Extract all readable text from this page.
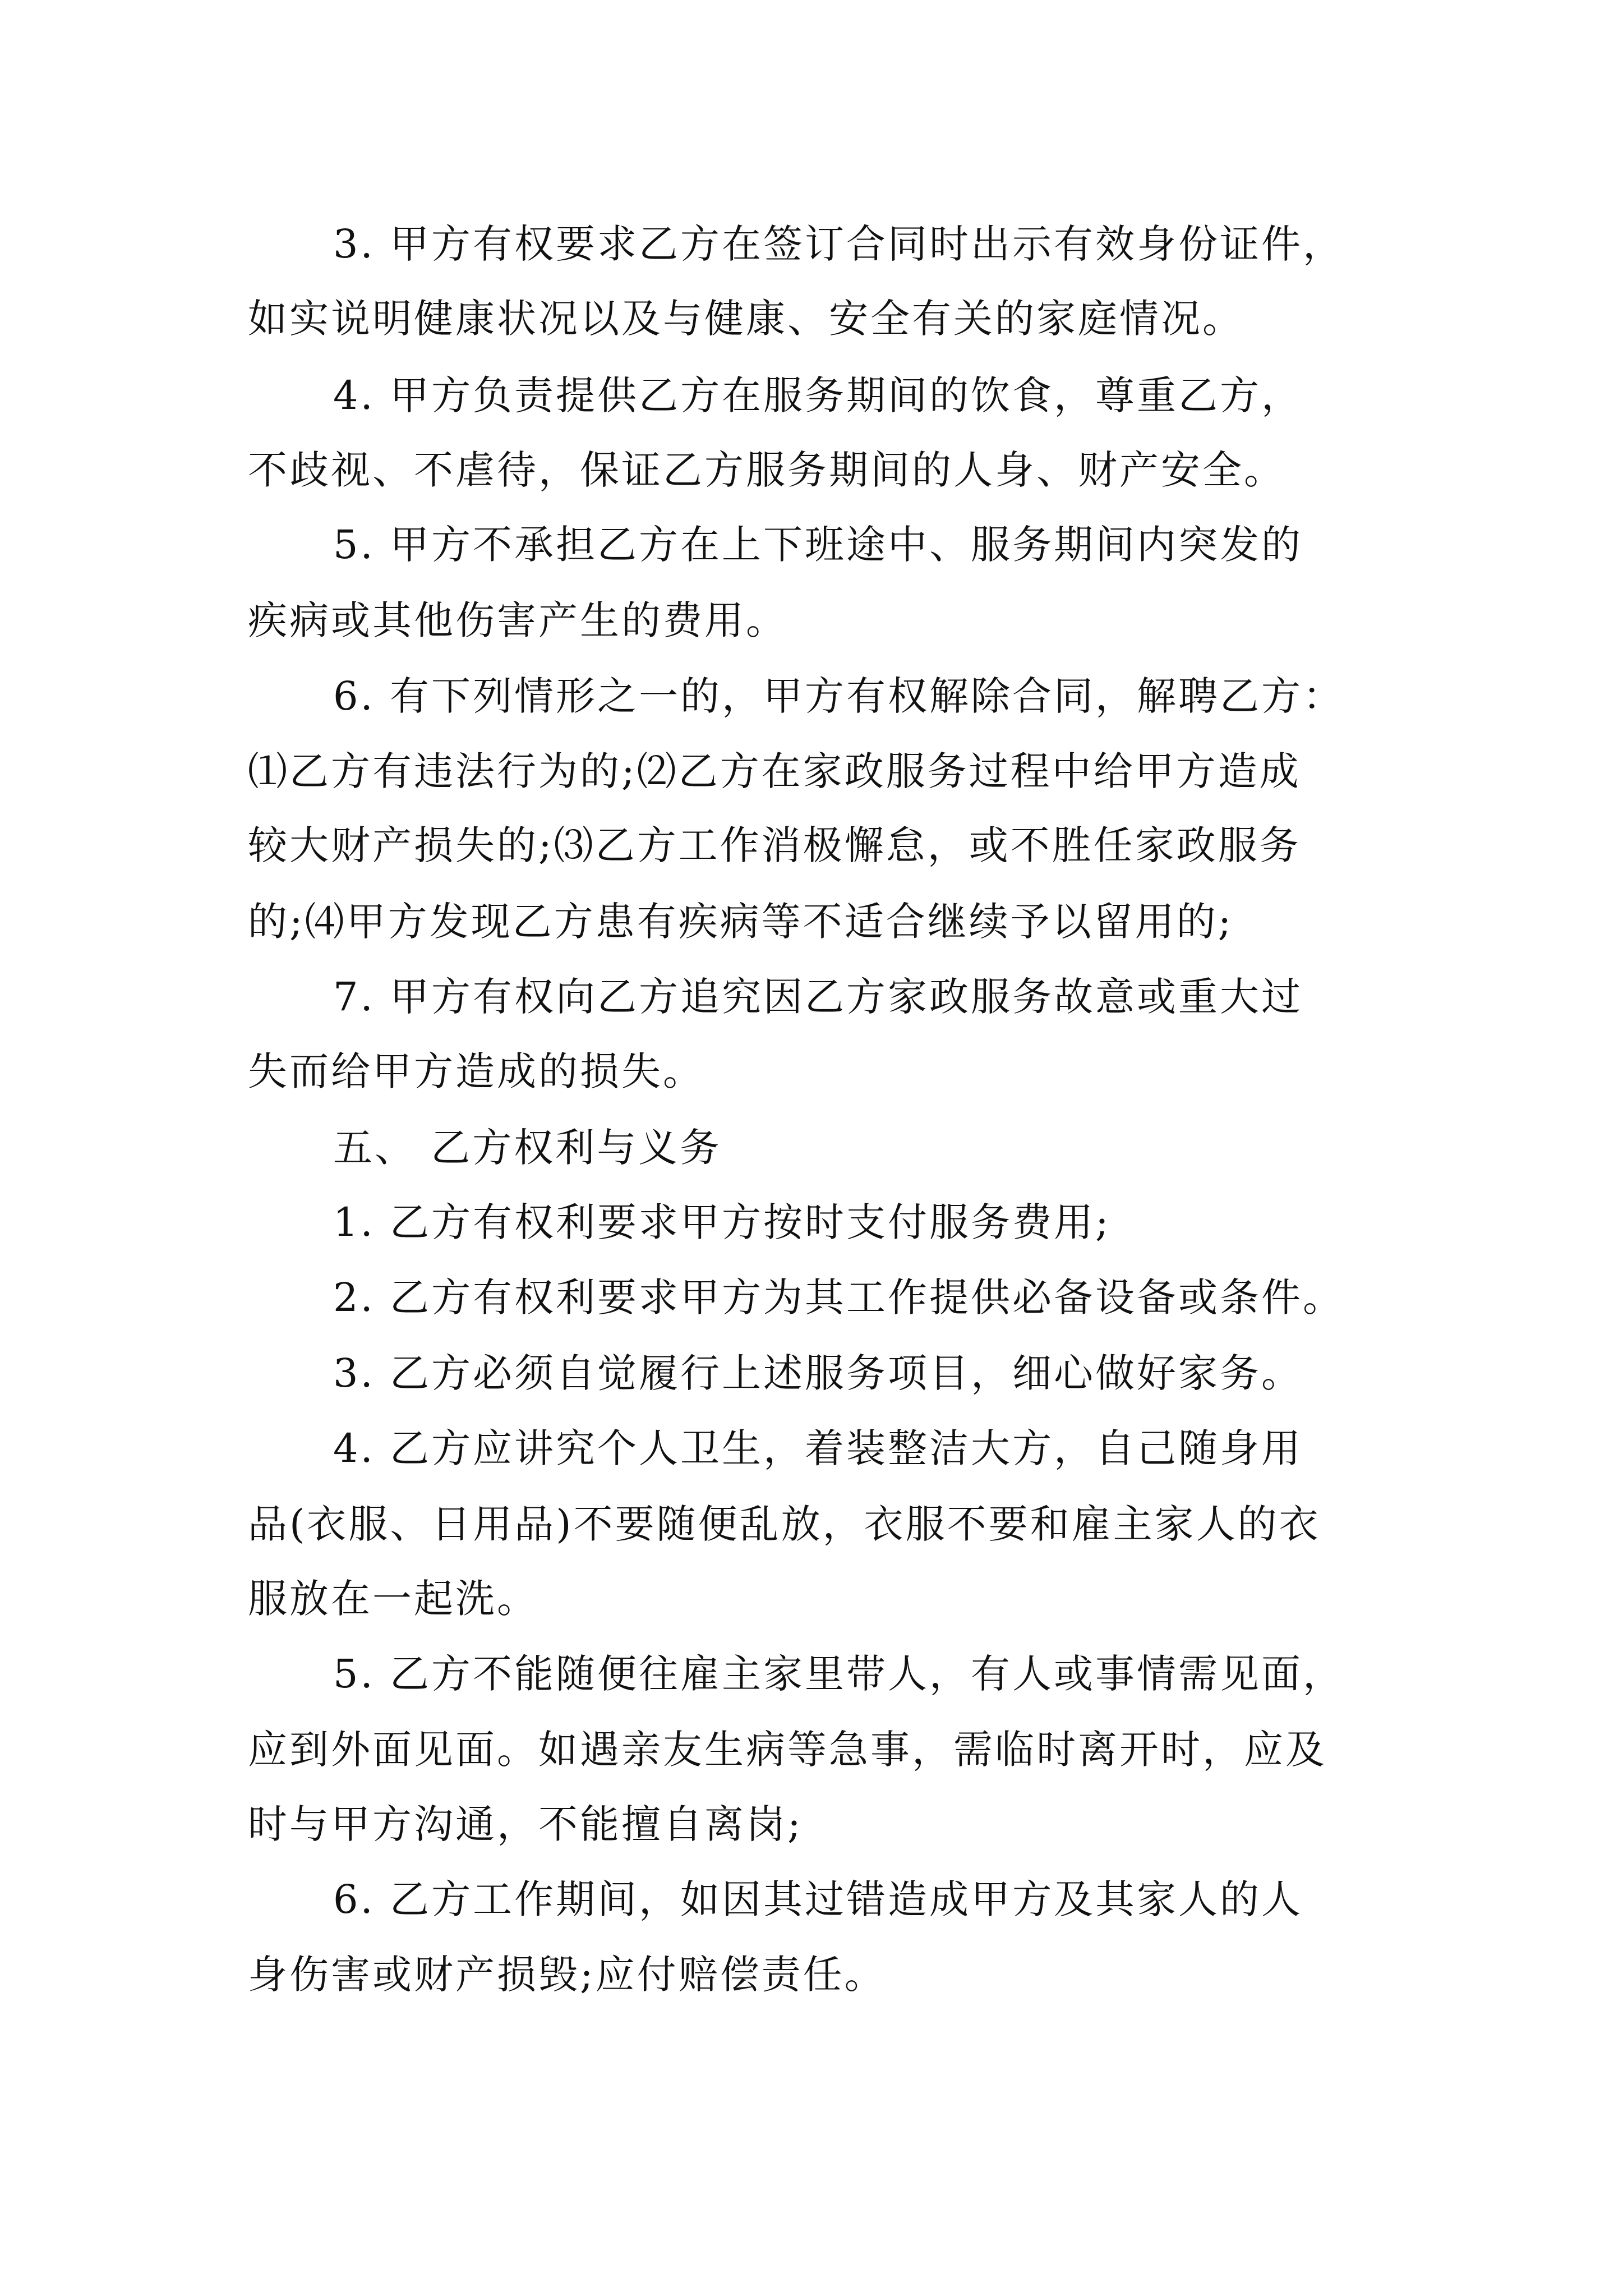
3. 甲方有权要求乙方在签订合同时出示有效身份证件，

如实说明健康状况以及与健康、安全有关的家庭情况。

4. 甲方负责提供乙方在服务期间的饮食，尊重乙方，

不歧视、不虐待，保证乙方服务期间的人身、财产安全。

5. 甲方不承担乙方在上下班途中、服务期间内突发的

疾病或其他伤害产生的费用。

6. 有下列情形之一的，甲方有权解除合同，解聘乙方：

⑴乙方有违法行为的;⑵乙方在家政服务过程中给甲方造成

较大财产损失的;⑶乙方工作消极懈怠，或不胜任家政服务

的;⑷甲方发现乙方患有疾病等不适合继续予以留用的;

7. 甲方有权向乙方追究因乙方家政服务故意或重大过

失而给甲方造成的损失。

五、 乙方权利与义务

1. 乙方有权利要求甲方按时支付服务费用;

2. 乙方有权利要求甲方为其工作提供必备设备或条件。

3. 乙方必须自觉履行上述服务项目，细心做好家务。

4. 乙方应讲究个人卫生，着装整洁大方，自己随身用

品(衣服、日用品)不要随便乱放，衣服不要和雇主家人的衣

服放在一起洗。

5. 乙方不能随便往雇主家里带人，有人或事情需见面，

应到外面见面。如遇亲友生病等急事，需临时离开时，应及

时与甲方沟通，不能擅自离岗;

6. 乙方工作期间，如因其过错造成甲方及其家人的人

身伤害或财产损毁;应付赔偿责任。
